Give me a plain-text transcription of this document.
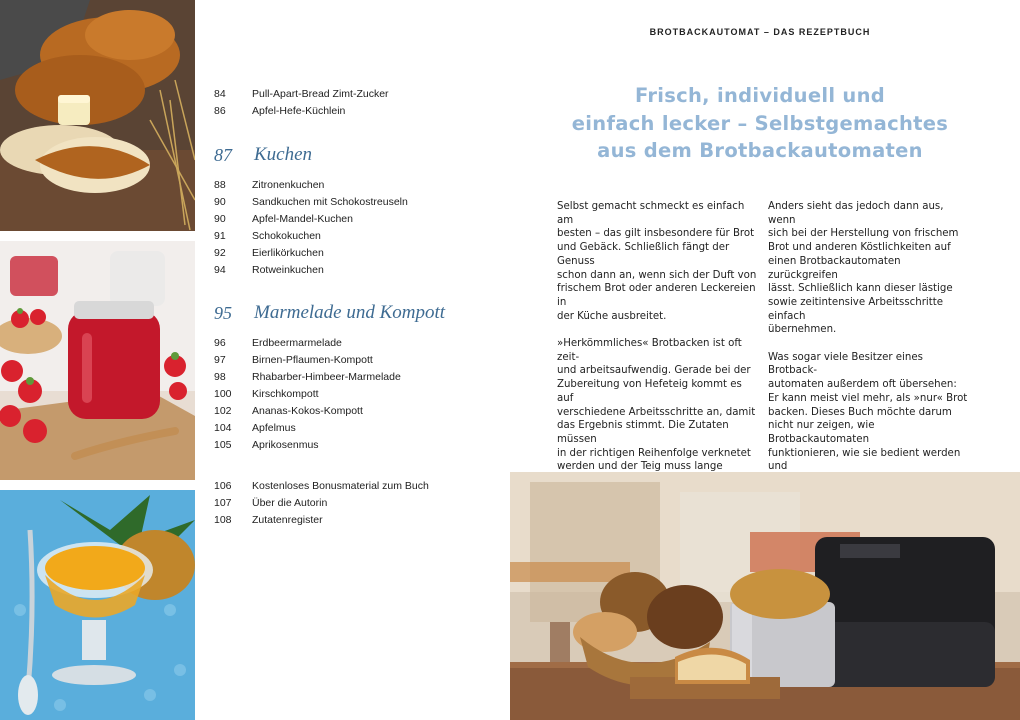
84	Pull-Apart-Bread Zimt-Zucker
86	Apfel-Hefe-Küchlein
87 Kuchen
88	Zitronenkuchen
90	Sandkuchen mit Schokostreuseln
90	Apfel-Mandel-Kuchen
91	Schokokuchen
92	Eierlikörkuchen
94	Rotweinkuchen
95 Marmelade und Kompott
96	Erdbeermarmelade
97	Birnen-Pflaumen-Kompott
98	Rhabarber-Himbeer-Marmelade
100	Kirschkompott
102	Ananas-Kokos-Kompott
104	Apfelmus
105	Aprikosenmus
106	Kostenloses Bonusmaterial zum Buch
107	Über die Autorin
108	Zutatenregister
BROTBACKAUTOMAT – DAS REZEPTBUCH
Frisch, individuell und
einfach lecker – Selbstgemachtes
aus dem Brotbackautomaten

Selbst gemacht schmeckt es einfach am
besten – das gilt insbesondere für Brot
und Gebäck. Schließlich fängt der Genuss
schon dann an, wenn sich der Duft von
frischem Brot oder anderen Leckereien in
der Küche ausbreitet.

»Herkömmliches« Brotbacken ist oft zeit-
und arbeitsaufwendig. Gerade bei der
Zubereitung von Hefeteig kommt es auf
verschiedene Arbeitsschritte an, damit
das Ergebnis stimmt. Die Zutaten müssen
in der richtigen Reihenfolge verknetet
werden und der Teig muss lange

Anders sieht das jedoch dann aus, wenn
sich bei der Herstellung von frischem
Brot und anderen Köstlichkeiten auf
einen Brotbackautomaten zurückgreifen
lässt. Schließlich kann dieser lästige
sowie zeitintensive Arbeitsschritte einfach
übernehmen.

Was sogar viele Besitzer eines Brotback-
automaten außerdem oft übersehen:
Er kann meist viel mehr, als »nur« Brot
backen. Dieses Buch möchte darum
nicht nur zeigen, wie Brotbackautomaten
funktionieren, wie sie bedient werden und
